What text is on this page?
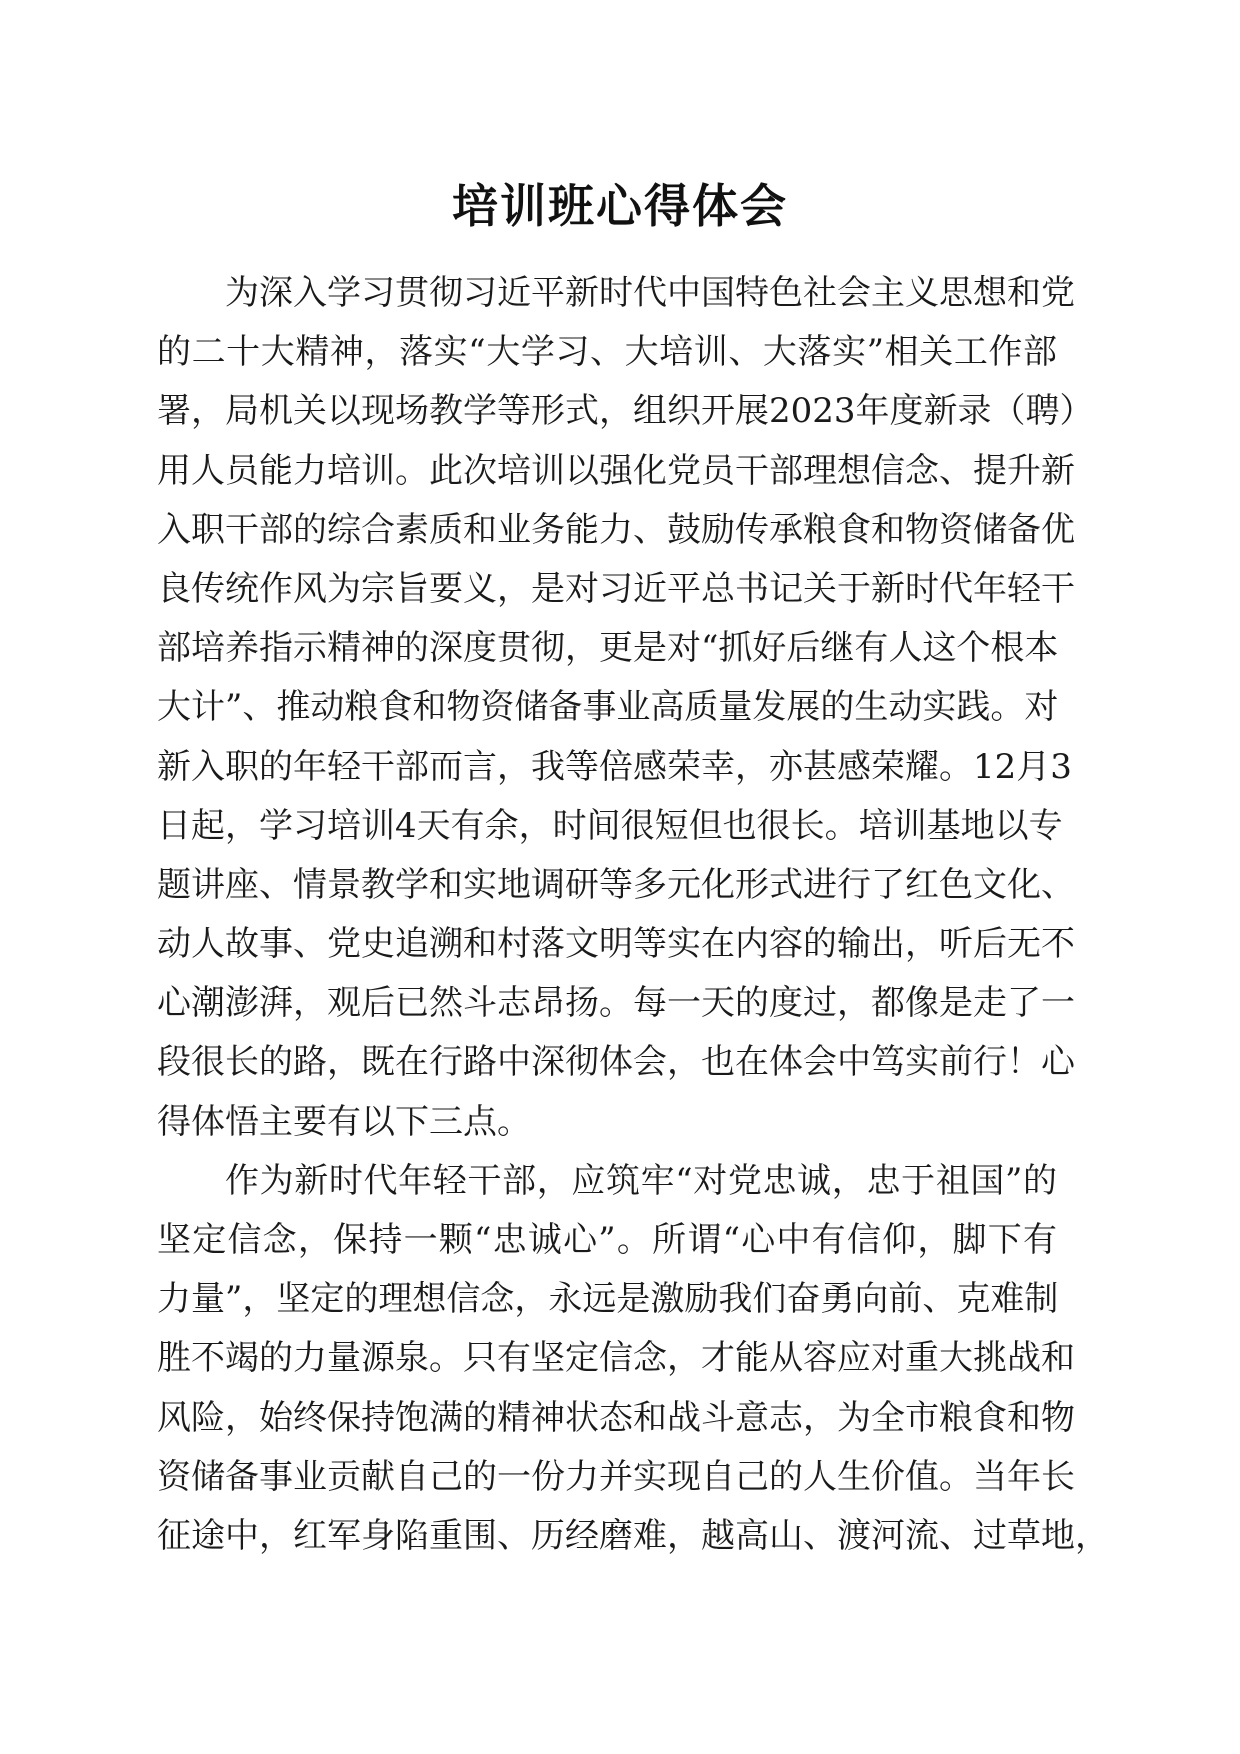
培训班心得体会
为深入学习贯彻习近平新时代中国特色社会主义思想和党
的二十大精神，落实“大学习、大培训、大落实”相关工作部
署，局机关以现场教学等形式，组织开展2023年度新录（聘）
用人员能力培训。此次培训以强化党员干部理想信念、提升新
入职干部的综合素质和业务能力、鼓励传承粮食和物资储备优
良传统作风为宗旨要义，是对习近平总书记关于新时代年轻干
部培养指示精神的深度贯彻，更是对“抓好后继有人这个根本
大计”、推动粮食和物资储备事业高质量发展的生动实践。对
新入职的年轻干部而言，我等倍感荣幸，亦甚感荣耀。12月3
日起，学习培训4天有余，时间很短但也很长。培训基地以专
题讲座、情景教学和实地调研等多元化形式进行了红色文化、
动人故事、党史追溯和村落文明等实在内容的输出，听后无不
心潮澎湃，观后已然斗志昂扬。每一天的度过，都像是走了一
段很长的路，既在行路中深彻体会，也在体会中笃实前行！心
得体悟主要有以下三点。
作为新时代年轻干部，应筑牢“对党忠诚，忠于祖国”的
坚定信念，保持一颗“忠诚心”。所谓“心中有信仰，脚下有
力量”，坚定的理想信念，永远是激励我们奋勇向前、克难制
胜不竭的力量源泉。只有坚定信念，才能从容应对重大挑战和
风险，始终保持饱满的精神状态和战斗意志，为全市粮食和物
资储备事业贡献自己的一份力并实现自己的人生价值。当年长
征途中，红军身陷重围、历经磨难，越高山、渡河流、过草地，
